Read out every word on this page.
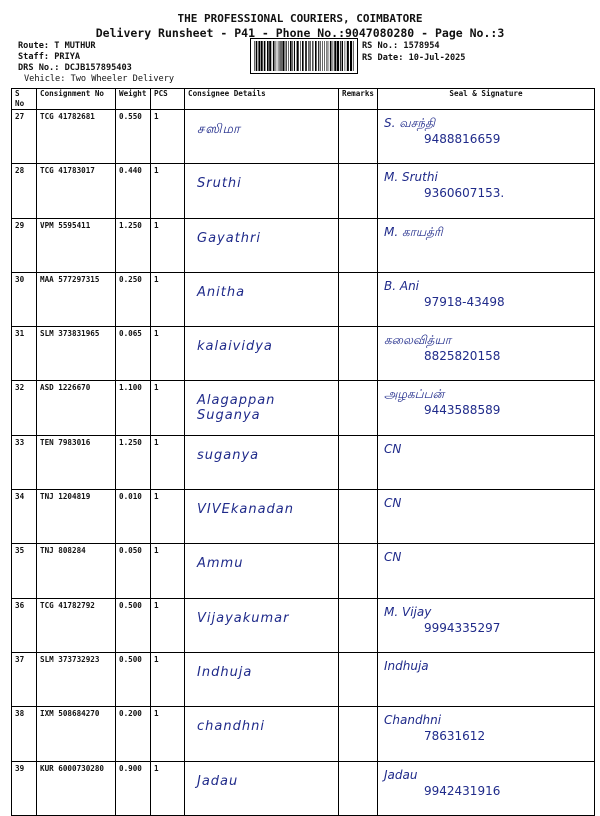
THE PROFESSIONAL COURIERS, COIMBATORE
Delivery Runsheet - P41 - Phone No.:9047080280 - Page No.:3
Route: T MUTHUR
Staff: PRIYA
DRS No.: DCJB157895403
Vehicle: Two Wheeler Delivery
RS No.: 1578954
RS Date: 10-Jul-2025
S No	Consignment No	Weight	PCS	Consignee Details	Remarks	Seal & Signature
27	TCG 41782681	0.550	1	சஸிமா		S. வசந்தி
9488816659

28	TCG 41783017	0.440	1	Sruthi		M. Sruthi
9360607153.

29	VPM 5595411	1.250	1	Gayathri		M. காயத்ரி

30	MAA 577297315	0.250	1	Anitha		B. Ani
97918-43498

31	SLM 373831965	0.065	1	kalaividya		கலைவித்யா
8825820158

32	ASD 1226670	1.100	1	Alagappan Suganya		அழகப்பன்
9443588589

33	TEN 7983016	1.250	1	suganya		CN

34	TNJ 1204819	0.010	1	VIVEkanadan		CN

35	TNJ 808284	0.050	1	Ammu		CN

36	TCG 41782792	0.500	1	Vijayakumar		M. Vijay
9994335297

37	SLM 373732923	0.500	1	Indhuja		Indhuja

38	IXM 508684270	0.200	1	chandhni		Chandhni
78631612

39	KUR 6000730280	0.900	1	Jadau		Jadau
9942431916
